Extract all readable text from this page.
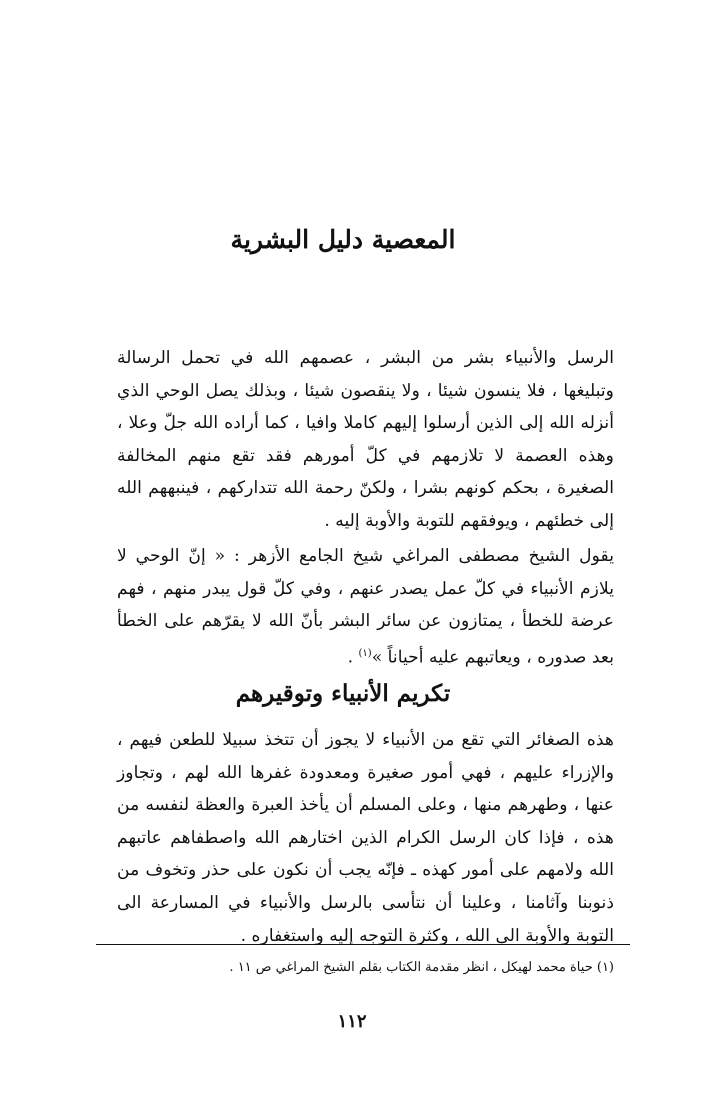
المعصية دليل البشرية

الرسل والأنبياء بشر من البشر ، عصمهم الله في تحمل الرسالة وتبليغها ، فلا ينسون شيئا ، ولا ينقصون شيئا ، وبذلك يصل الوحي الذي أنزله الله إلى الذين أرسلوا إليهم كاملا وافيا ، كما أراده الله جلّ وعلا ، وهذه العصمة لا تلازمهم في كلّ أمورهم فقد تقع منهم المخالفة الصغيرة ، بحكم كونهم بشرا ، ولكنّ رحمة الله تتداركهم ، فينبههم الله إلى خطئهم ، ويوفقهم للتوبة والأوبة إليه .

يقول الشيخ مصطفى المراغي شيخ الجامع الأزهر : « إنّ الوحي لا يلازم الأنبياء في كلّ عمل يصدر عنهم ، وفي كلّ قول يبدر منهم ، فهم عرضة للخطأ ، يمتازون عن سائر البشر بأنّ الله لا يقرّهم على الخطأ بعد صدوره ، ويعاتبهم عليه أحياناً »$^{(١)}$ .

تكريم الأنبياء وتوقيرهم

هذه الصغائر التي تقع من الأنبياء لا يجوز أن تتخذ سبيلا للطعن فيهم ، والإزراء عليهم ، فهي أمور صغيرة ومعدودة غفرها الله لهم ، وتجاوز عنها ، وطهرهم منها ، وعلى المسلم أن يأخذ العبرة والعظة لنفسه من هذه ، فإذا كان الرسل الكرام الذين اختارهم الله واصطفاهم عاتبهم الله ولامهم على أمور كهذه ـ فإنّه يجب أن نكون على حذر وتخوف من ذنوبنا وآثامنا ، وعلينا أن نتأسى بالرسل والأنبياء في المسارعة الى التوبة والأوبة الى الله ، وكثرة التوجه إليه واستغفاره .

(١) حياة محمد لهيكل ، انظر مقدمة الكتاب بقلم الشيخ المراغي ص ١١ .
١١٢
